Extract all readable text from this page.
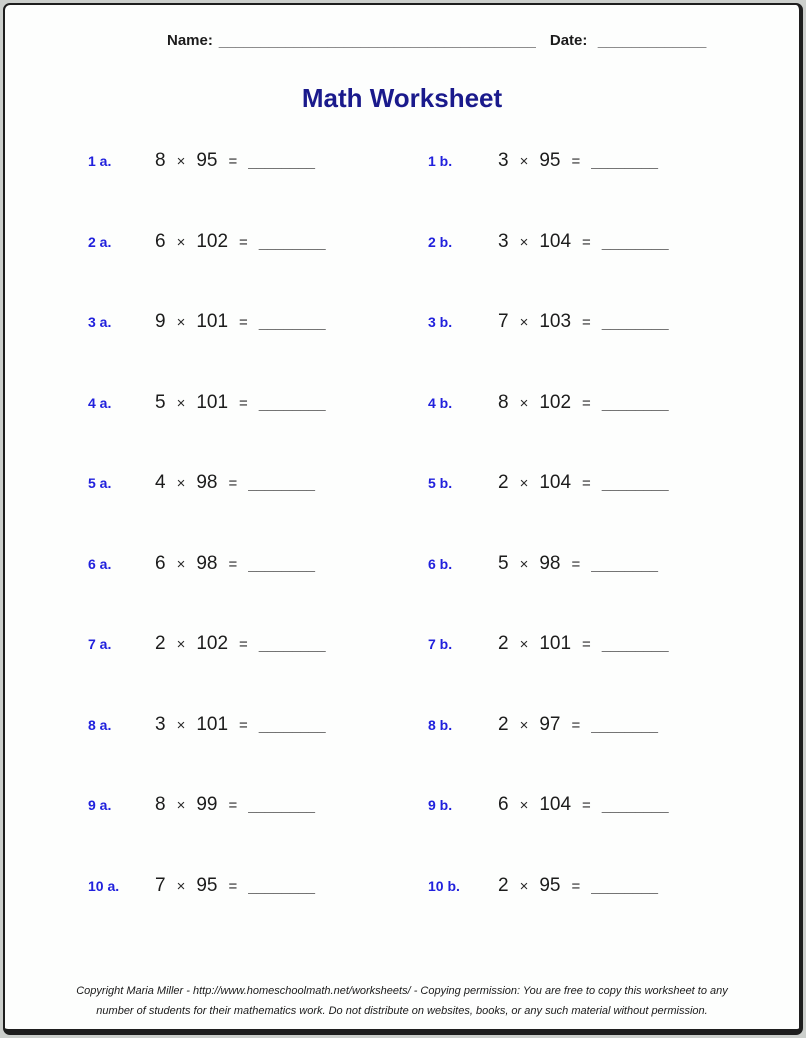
Name: ______________________________________ Date: _____________
Math Worksheet
1 a.	8 × 95 = ________	1 b.	3 × 95 = ________
2 a.	6 × 102 = ________	2 b.	3 × 104 = ________
3 a.	9 × 101 = ________	3 b.	7 × 103 = ________
4 a.	5 × 101 = ________	4 b.	8 × 102 = ________
5 a.	4 × 98 = ________	5 b.	2 × 104 = ________
6 a.	6 × 98 = ________	6 b.	5 × 98 = ________
7 a.	2 × 102 = ________	7 b.	2 × 101 = ________
8 a.	3 × 101 = ________	8 b.	2 × 97 = ________
9 a.	8 × 99 = ________	9 b.	6 × 104 = ________
10 a.	7 × 95 = ________	10 b.	2 × 95 = ________
Copyright Maria Miller - http://www.homeschoolmath.net/worksheets/ - Copying permission: You are free to copy this worksheet to any
number of students for their mathematics work. Do not distribute on websites, books, or any such material without permission.
